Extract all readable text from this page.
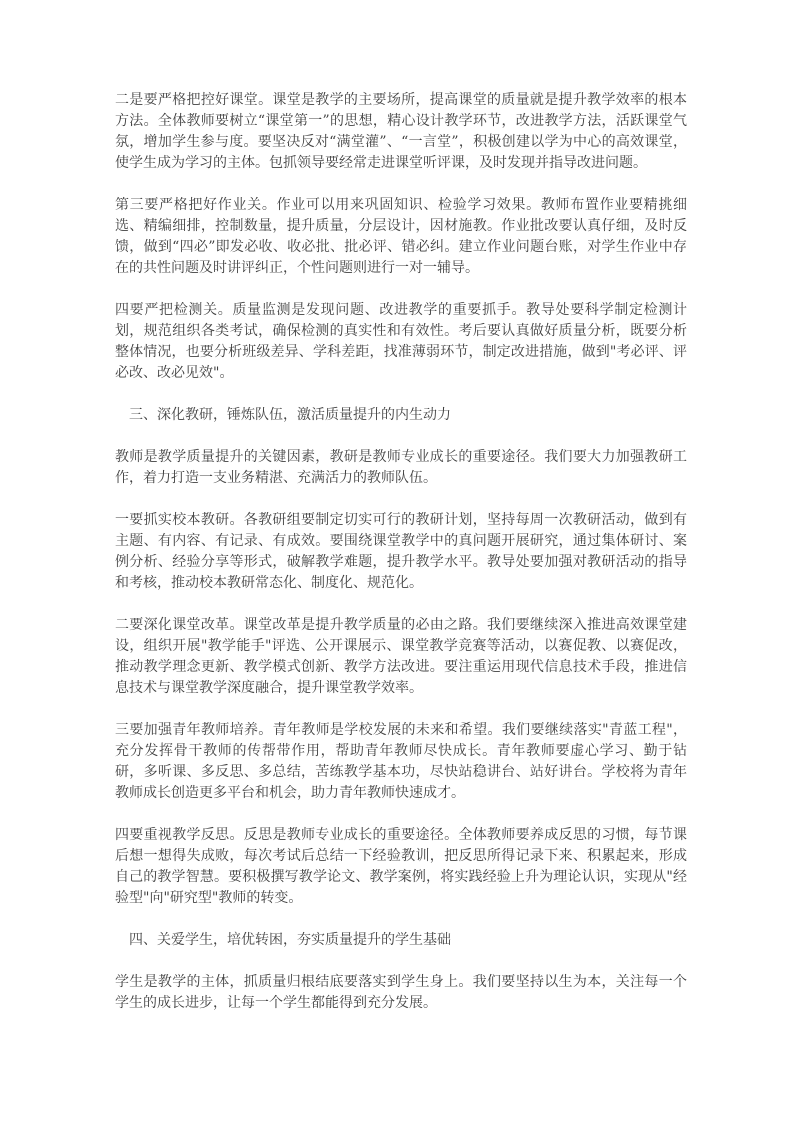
二是要严格把控好课堂。课堂是教学的主要场所，提高课堂的质量就是提升教学效率的根本方法。全体教师要树立“课堂第一”的思想，精心设计教学环节，改进教学方法，活跃课堂气氛，增加学生参与度。要坚决反对“满堂灌”、“一言堂”，积极创建以学为中心的高效课堂，使学生成为学习的主体。包抓领导要经常走进课堂听评课，及时发现并指导改进问题。

第三要严格把好作业关。作业可以用来巩固知识、检验学习效果。教师布置作业要精挑细选、精编细排，控制数量，提升质量，分层设计，因材施教。作业批改要认真仔细，及时反馈，做到“四必”即发必收、收必批、批必评、错必纠。建立作业问题台账，对学生作业中存在的共性问题及时讲评纠正，个性问题则进行一对一辅导。

四要严把检测关。质量监测是发现问题、改进教学的重要抓手。教导处要科学制定检测计划，规范组织各类考试，确保检测的真实性和有效性。考后要认真做好质量分析，既要分析整体情况，也要分析班级差异、学科差距，找准薄弱环节，制定改进措施，做到"考必评、评必改、改必见效"。

三、深化教研，锤炼队伍，激活质量提升的内生动力

教师是教学质量提升的关键因素，教研是教师专业成长的重要途径。我们要大力加强教研工作，着力打造一支业务精湛、充满活力的教师队伍。

一要抓实校本教研。各教研组要制定切实可行的教研计划，坚持每周一次教研活动，做到有主题、有内容、有记录、有成效。要围绕课堂教学中的真问题开展研究，通过集体研讨、案例分析、经验分享等形式，破解教学难题，提升教学水平。教导处要加强对教研活动的指导和考核，推动校本教研常态化、制度化、规范化。

二要深化课堂改革。课堂改革是提升教学质量的必由之路。我们要继续深入推进高效课堂建设，组织开展"教学能手"评选、公开课展示、课堂教学竞赛等活动，以赛促教、以赛促改，推动教学理念更新、教学模式创新、教学方法改进。要注重运用现代信息技术手段，推进信息技术与课堂教学深度融合，提升课堂教学效率。

三要加强青年教师培养。青年教师是学校发展的未来和希望。我们要继续落实"青蓝工程"，充分发挥骨干教师的传帮带作用，帮助青年教师尽快成长。青年教师要虚心学习、勤于钻研，多听课、多反思、多总结，苦练教学基本功，尽快站稳讲台、站好讲台。学校将为青年教师成长创造更多平台和机会，助力青年教师快速成才。

四要重视教学反思。反思是教师专业成长的重要途径。全体教师要养成反思的习惯，每节课后想一想得失成败，每次考试后总结一下经验教训，把反思所得记录下来、积累起来，形成自己的教学智慧。要积极撰写教学论文、教学案例，将实践经验上升为理论认识，实现从"经验型"向"研究型"教师的转变。

四、关爱学生，培优转困，夯实质量提升的学生基础

学生是教学的主体，抓质量归根结底要落实到学生身上。我们要坚持以生为本，关注每一个学生的成长进步，让每一个学生都能得到充分发展。
